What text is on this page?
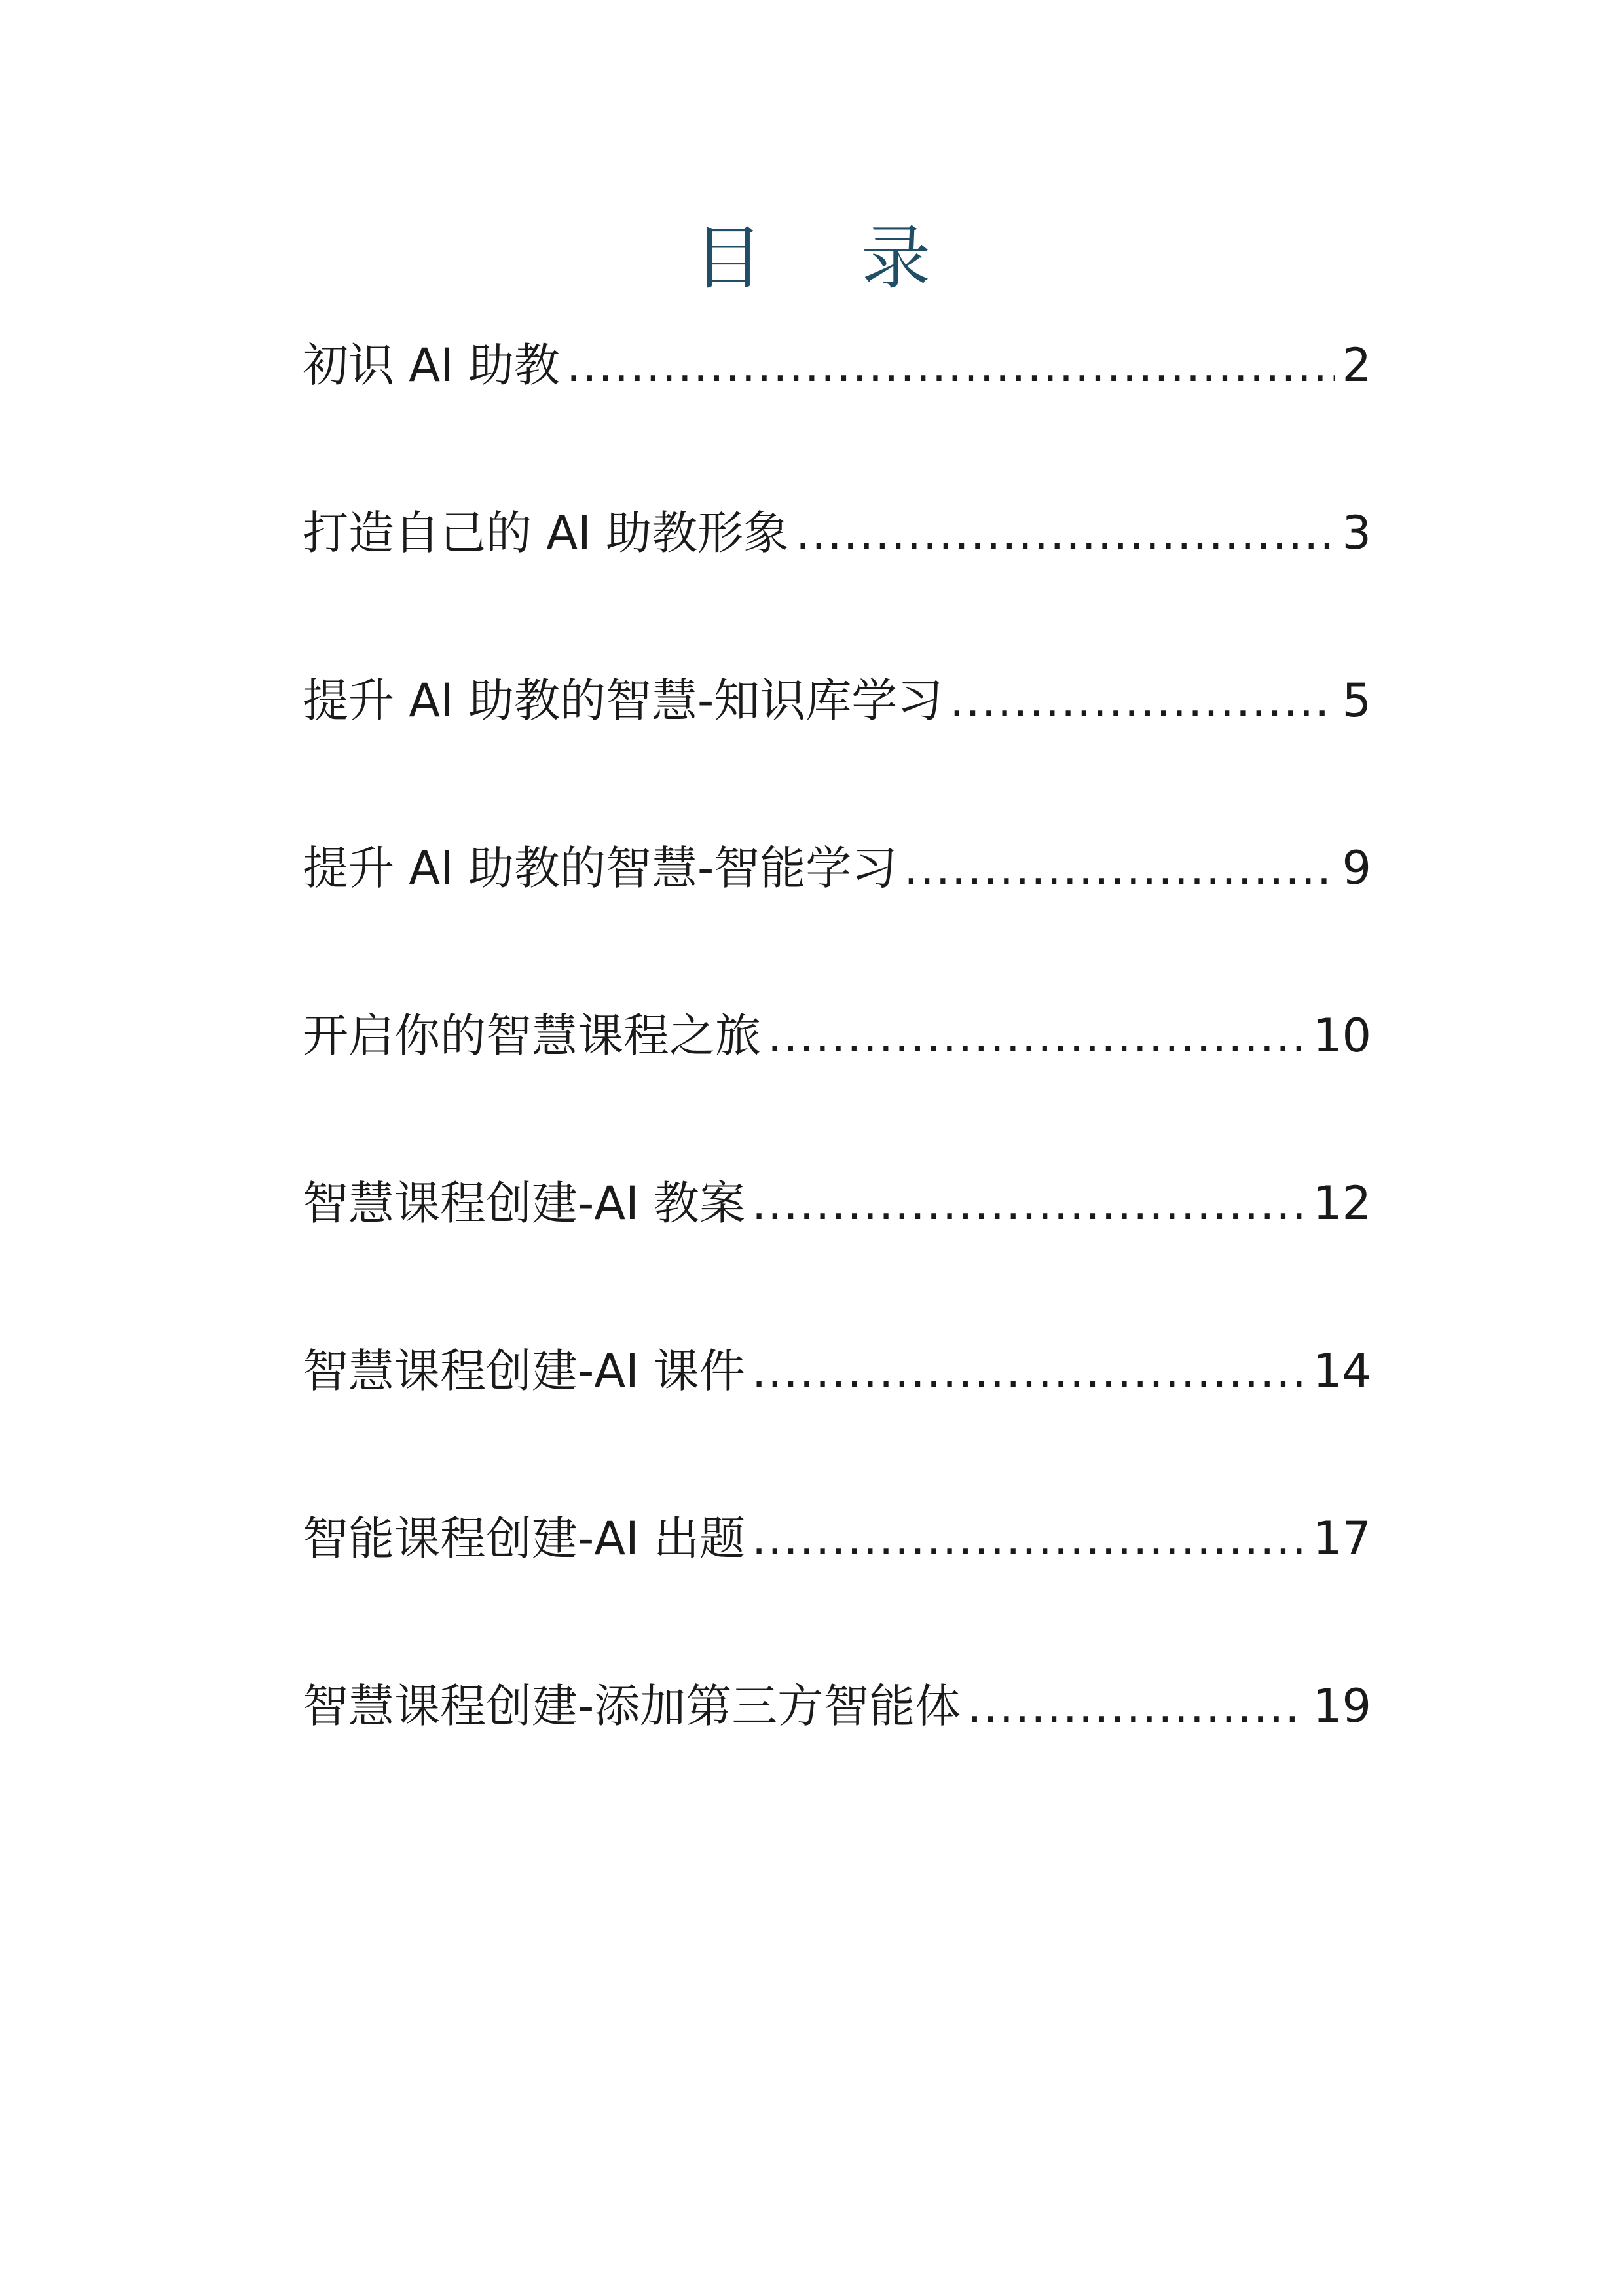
目 录
初识 AI 助教 .....	2
打造自己的 AI 助教形象 .....	3
提升 AI 助教的智慧-知识库学习 .....	5
提升 AI 助教的智慧-智能学习 .....	9
开启你的智慧课程之旅 .....	10
智慧课程创建-AI 教案 .....	12
智慧课程创建-AI 课件 .....	14
智能课程创建-AI 出题 .....	17
智慧课程创建-添加第三方智能体 .....	19
